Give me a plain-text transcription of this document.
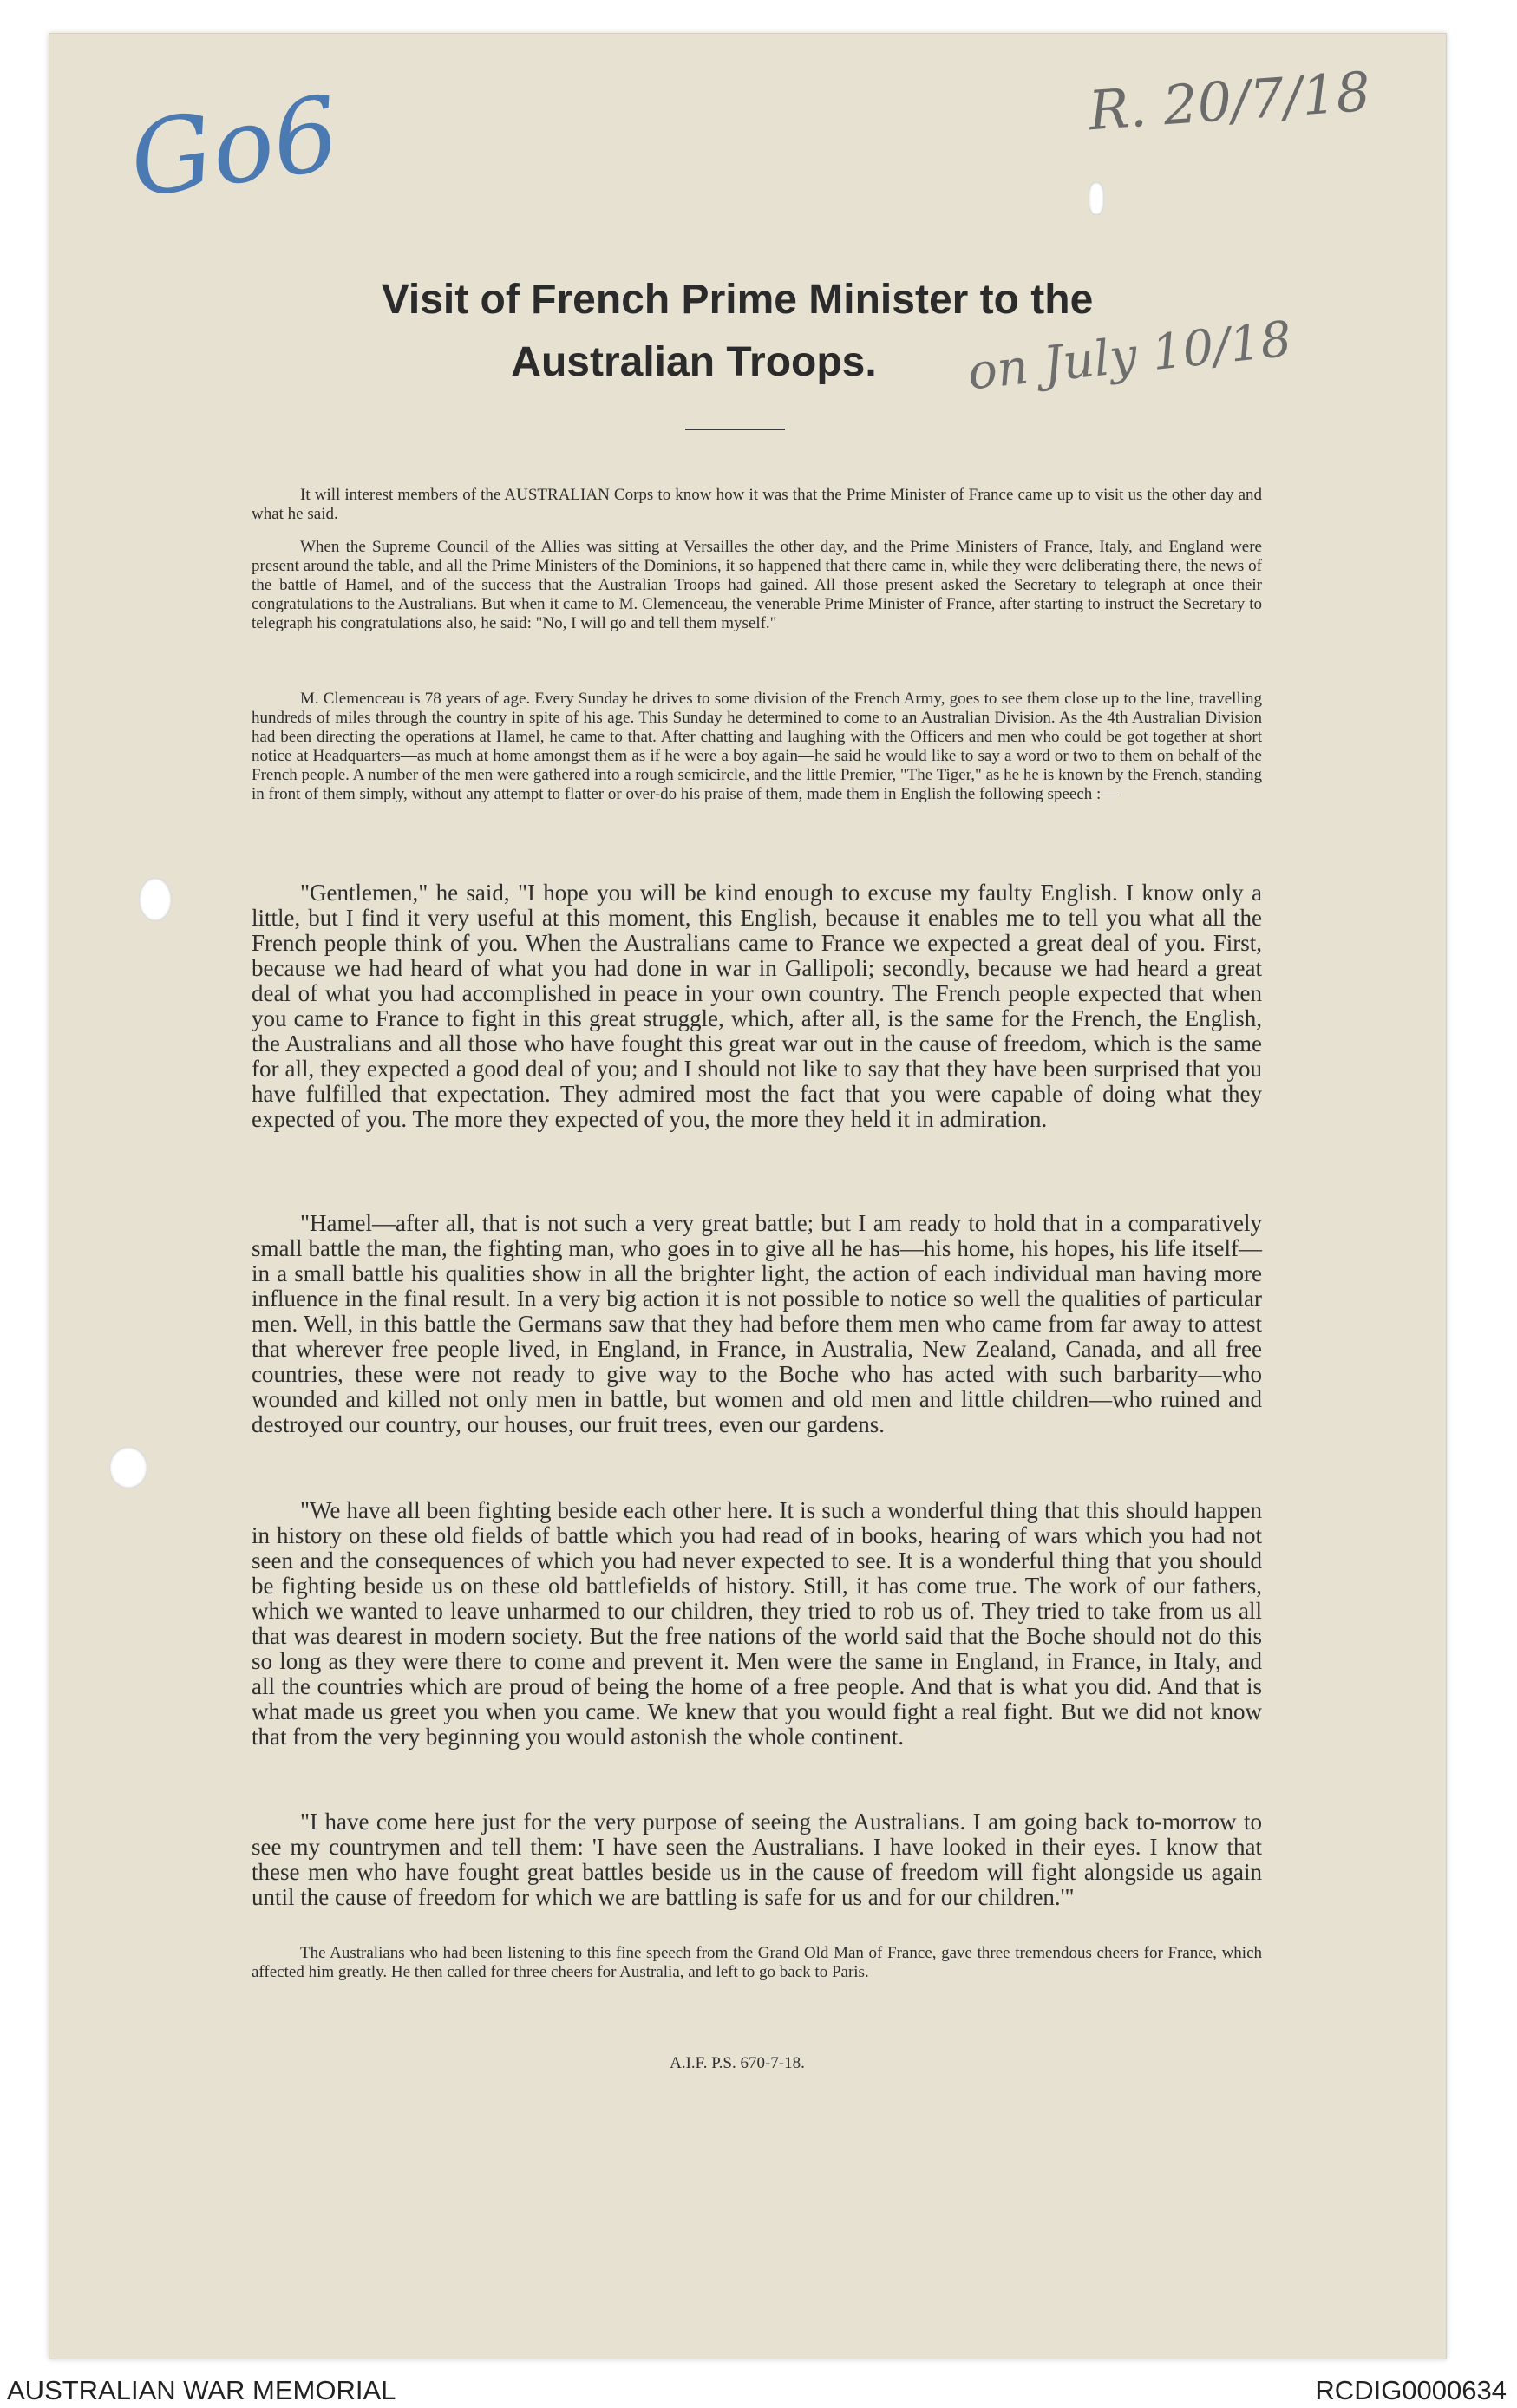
Go6	R. 20/7/18
Visit of French Prime Minister to the
Australian Troops.	on July 10/18

It will interest members of the AUSTRALIAN Corps to know how it was that the Prime Minister of France came up to visit us the other day and what he said.

When the Supreme Council of the Allies was sitting at Versailles the other day, and the Prime Ministers of France, Italy, and England were present around the table, and all the Prime Ministers of the Dominions, it so happened that there came in, while they were deliberating there, the news of the battle of Hamel, and of the success that the Australian Troops had gained. All those present asked the Secretary to telegraph at once their congratulations to the Australians. But when it came to M. Clemenceau, the venerable Prime Minister of France, after starting to instruct the Secretary to telegraph his congratulations also, he said: "No, I will go and tell them myself."

M. Clemenceau is 78 years of age. Every Sunday he drives to some division of the French Army, goes to see them close up to the line, travelling hundreds of miles through the country in spite of his age. This Sunday he determined to come to an Australian Division. As the 4th Australian Division had been directing the operations at Hamel, he came to that. After chatting and laughing with the Officers and men who could be got together at short notice at Headquarters—as much at home amongst them as if he were a boy again—he said he would like to say a word or two to them on behalf of the French people. A number of the men were gathered into a rough semicircle, and the little Premier, "The Tiger," as he he is known by the French, standing in front of them simply, without any attempt to flatter or over-do his praise of them, made them in English the following speech :—

"Gentlemen," he said, "I hope you will be kind enough to excuse my faulty English. I know only a little, but I find it very useful at this moment, this English, because it enables me to tell you what all the French people think of you. When the Australians came to France we expected a great deal of you. First, because we had heard of what you had done in war in Gallipoli; secondly, because we had heard a great deal of what you had accomplished in peace in your own country. The French people expected that when you came to France to fight in this great struggle, which, after all, is the same for the French, the English, the Australians and all those who have fought this great war out in the cause of freedom, which is the same for all, they expected a good deal of you; and I should not like to say that they have been surprised that you have fulfilled that expectation. They admired most the fact that you were capable of doing what they expected of you. The more they expected of you, the more they held it in admiration.

"Hamel—after all, that is not such a very great battle; but I am ready to hold that in a comparatively small battle the man, the fighting man, who goes in to give all he has—his home, his hopes, his life itself—in a small battle his qualities show in all the brighter light, the action of each individual man having more influence in the final result. In a very big action it is not possible to notice so well the qualities of particular men. Well, in this battle the Germans saw that they had before them men who came from far away to attest that wherever free people lived, in England, in France, in Australia, New Zealand, Canada, and all free countries, these were not ready to give way to the Boche who has acted with such barbarity—who wounded and killed not only men in battle, but women and old men and little children—who ruined and destroyed our country, our houses, our fruit trees, even our gardens.

"We have all been fighting beside each other here. It is such a wonderful thing that this should happen in history on these old fields of battle which you had read of in books, hearing of wars which you had not seen and the consequences of which you had never expected to see. It is a wonderful thing that you should be fighting beside us on these old battlefields of history. Still, it has come true. The work of our fathers, which we wanted to leave unharmed to our children, they tried to rob us of. They tried to take from us all that was dearest in modern society. But the free nations of the world said that the Boche should not do this so long as they were there to come and prevent it. Men were the same in England, in France, in Italy, and all the countries which are proud of being the home of a free people. And that is what you did. And that is what made us greet you when you came. We knew that you would fight a real fight. But we did not know that from the very beginning you would astonish the whole continent.

"I have come here just for the very purpose of seeing the Australians. I am going back to-morrow to see my countrymen and tell them: 'I have seen the Australians. I have looked in their eyes. I know that these men who have fought great battles beside us in the cause of freedom will fight alongside us again until the cause of freedom for which we are battling is safe for us and for our children.'"

The Australians who had been listening to this fine speech from the Grand Old Man of France, gave three tremendous cheers for France, which affected him greatly. He then called for three cheers for Australia, and left to go back to Paris.

A.I.F. P.S. 670-7-18.

AUSTRALIAN WAR MEMORIAL	RCDIG0000634
